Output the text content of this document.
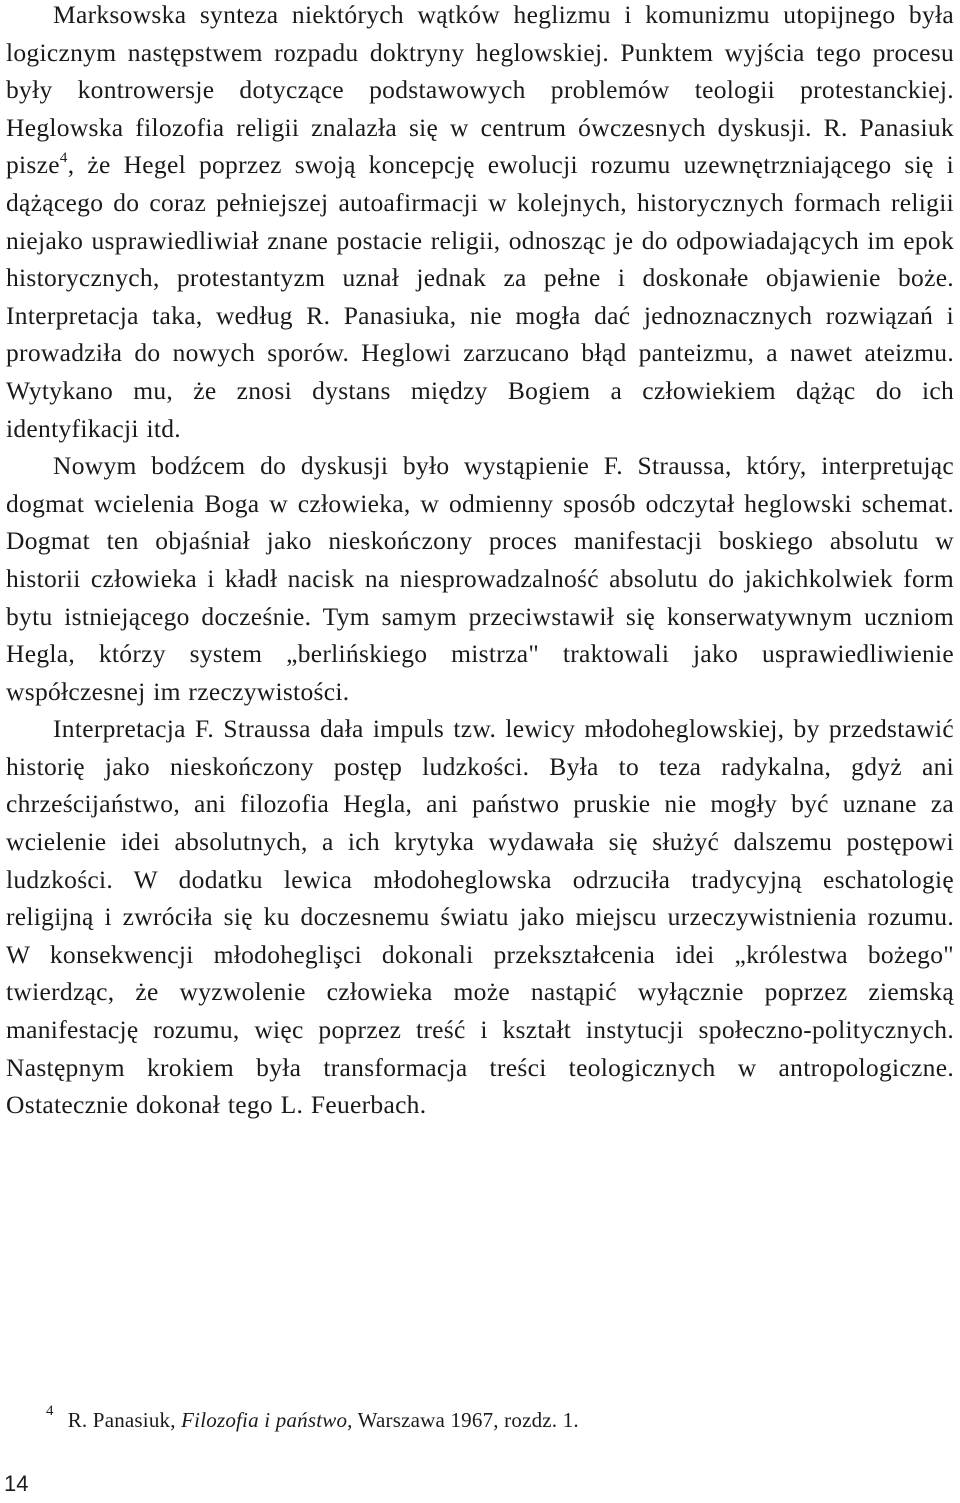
Marksowska synteza niektórych wątków heglizmu i komunizmu utopijnego była logicznym następstwem rozpadu doktryny heglowskiej. Punktem wyjścia tego procesu były kontrowersje dotyczące podstawowych problemów teologii protestanckiej. Heglowska filozofia religii znalazła się w centrum ówczesnych dyskusji. R. Panasiuk pisze$^4$, że Hegel poprzez swoją koncepcję ewolucji rozumu uzewnętrzniającego się i dążącego do coraz pełniejszej autoafirmacji w kolejnych, historycznych formach religii niejako usprawiedliwiał znane postacie religii, odnosząc je do odpowiadających im epok historycznych, protestantyzm uznał jednak za pełne i doskonałe objawienie boże. Interpretacja taka, według R. Panasiuka, nie mogła dać jednoznacznych rozwiązań i prowadziła do nowych sporów. Heglowi zarzucano błąd panteizmu, a nawet ateizmu. Wytykano mu, że znosi dystans między Bogiem a człowiekiem dążąc do ich identyfikacji itd.

Nowym bodźcem do dyskusji było wystąpienie F. Straussa, który, interpretując dogmat wcielenia Boga w człowieka, w odmienny sposób odczytał heglowski schemat. Dogmat ten objaśniał jako nieskończony proces manifestacji boskiego absolutu w historii człowieka i kładł nacisk na niesprowadzalność absolutu do jakichkolwiek form bytu istniejącego docześnie. Tym samym przeciwstawił się konserwatywnym uczniom Hegla, którzy system „berlińskiego mistrza" traktowali jako usprawiedliwienie współczesnej im rzeczywistości.

Interpretacja F. Straussa dała impuls tzw. lewicy młodoheglowskiej, by przedstawić historię jako nieskończony postęp ludzkości. Była to teza radykalna, gdyż ani chrześcijaństwo, ani filozofia Hegla, ani państwo pruskie nie mogły być uznane za wcielenie idei absolutnych, a ich krytyka wydawała się służyć dalszemu postępowi ludzkości. W dodatku lewica młodoheglowska odrzuciła tradycyjną eschatologię religijną i zwróciła się ku doczesnemu światu jako miejscu urzeczywistnienia rozumu. W konsekwencji młodoheglişci dokonali przekształcenia idei „królestwa bożego" twierdząc, że wyzwolenie człowieka może nastąpić wyłącznie poprzez ziemską manifestację rozumu, więc poprzez treść i kształt instytucji społeczno-politycznych. Następnym krokiem była transformacja treści teologicznych w antropologiczne. Ostatecznie dokonał tego L. Feuerbach.

$^4$ R. Panasiuk, Filozofia i państwo, Warszawa 1967, rozdz. 1.
14
